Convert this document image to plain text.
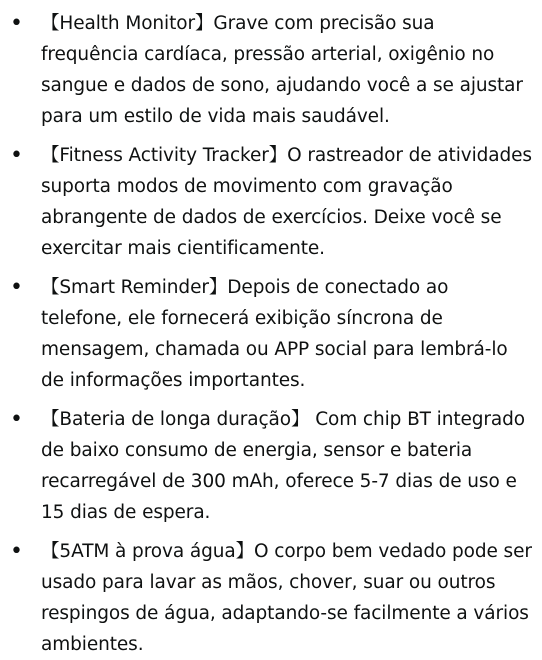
• 【Health Monitor】Grave com precisão sua frequência cardíaca, pressão arterial, oxigênio no sangue e dados de sono, ajudando você a se ajustar para um estilo de vida mais saudável.
• 【Fitness Activity Tracker】O rastreador de atividades suporta modos de movimento com gravação abrangente de dados de exercícios. Deixe você se exercitar mais cientificamente.
• 【Smart Reminder】Depois de conectado ao telefone, ele fornecerá exibição síncrona de mensagem, chamada ou APP social para lembrá-lo de informações importantes.
• 【Bateria de longa duração】 Com chip BT integrado de baixo consumo de energia, sensor e bateria recarregável de 300 mAh, oferece 5-7 dias de uso e 15 dias de espera.
• 【5ATM à prova água】O corpo bem vedado pode ser usado para lavar as mãos, chover, suar ou outros respingos de água, adaptando-se facilmente a vários ambientes.
